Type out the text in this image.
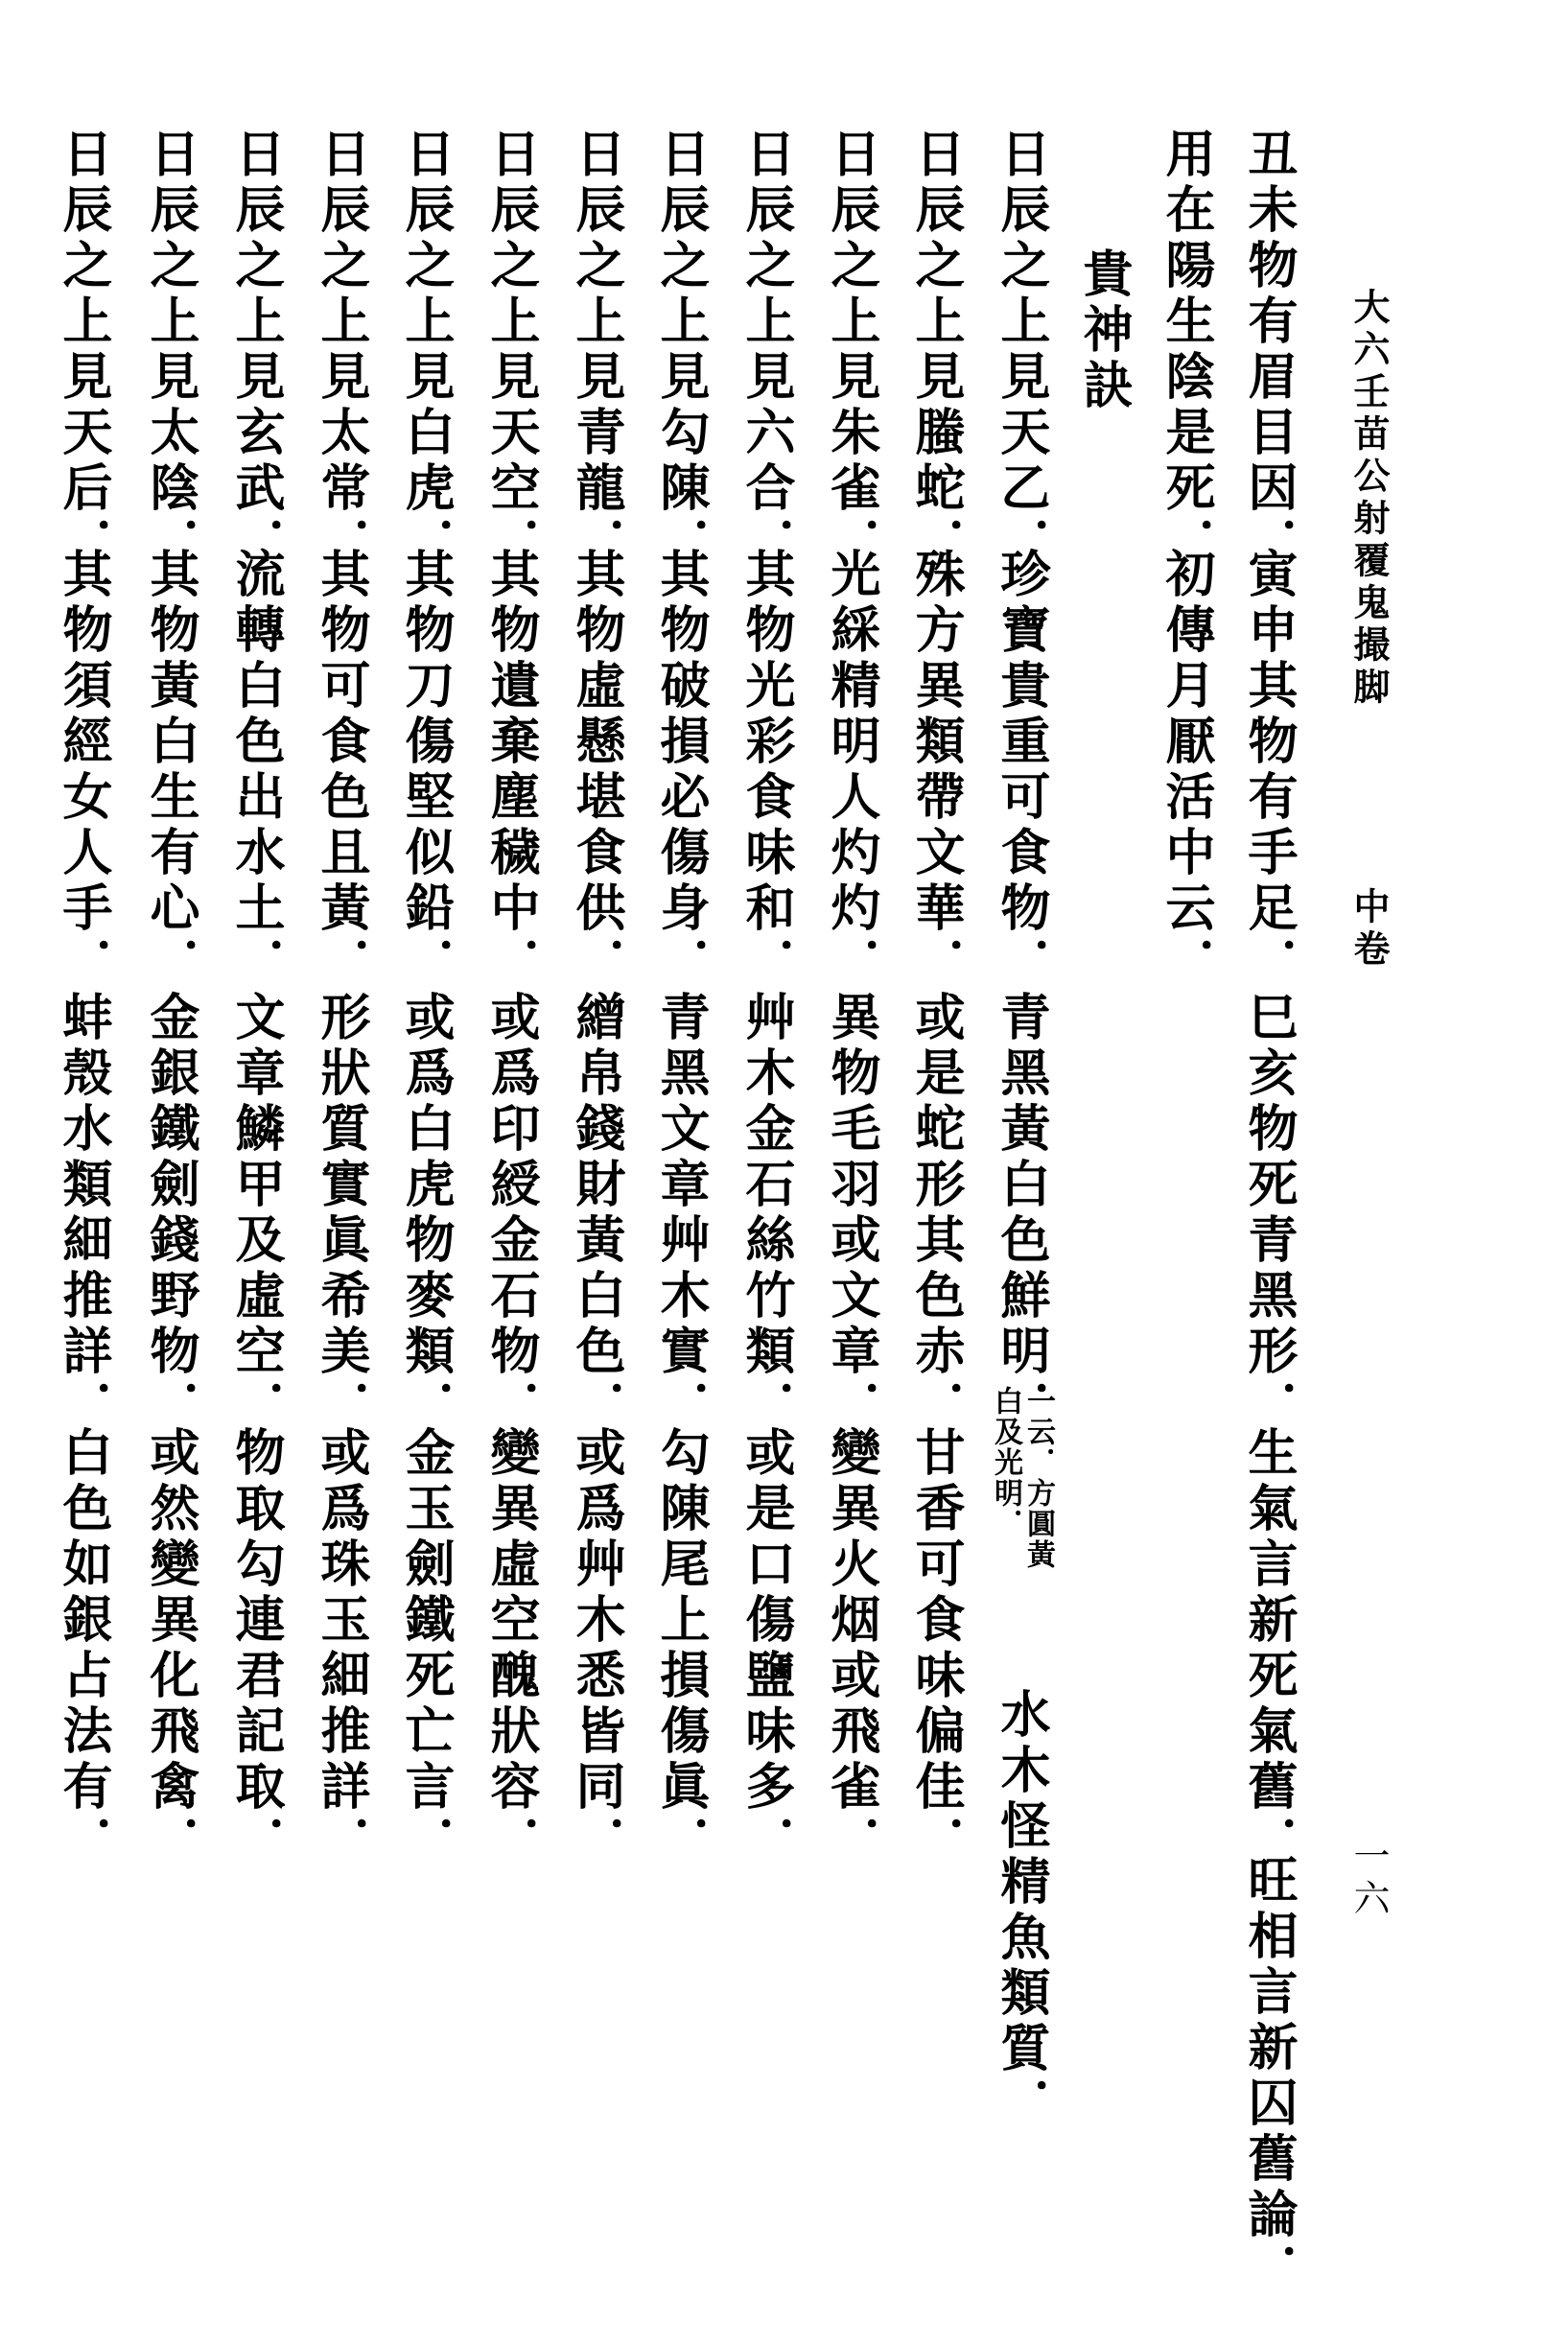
大六壬苗公射覆鬼撮脚
中卷
一六
丑未物有眉目因．
寅申其物有手足．
巳亥物死青黑形．
生氣言新死氣舊．
旺相言新囚舊論．
用在陽生陰是死．
初傳月厭活中云．
貴神訣
日辰之上見天乙．
珍寶貴重可食物．
青黑黃白色鮮明．
水木怪精魚類質．
一云．方圓黃
白及光明．
日辰之上見螣蛇．
殊方異類帶文華．
或是蛇形其色赤．
甘香可食味偏佳．
日辰之上見朱雀．
光綵精明人灼灼．
異物毛羽或文章．
變異火烟或飛雀．
日辰之上見六合．
其物光彩食味和．
艸木金石絲竹類．
或是口傷鹽味多．
日辰之上見勾陳．
其物破損必傷身．
青黑文章艸木實．
勾陳尾上損傷眞．
日辰之上見青龍．
其物虛懸堪食供．
繒帛錢財黃白色．
或爲艸木悉皆同．
日辰之上見天空．
其物遺棄塵穢中．
或爲印綬金石物．
變異虛空醜狀容．
日辰之上見白虎．
其物刀傷堅似鉛．
或爲白虎物麥類．
金玉劍鐵死亡言．
日辰之上見太常．
其物可食色且黃．
形狀質實眞希美．
或爲珠玉細推詳．
日辰之上見玄武．
流轉白色出水土．
文章鱗甲及虛空．
物取勾連君記取．
日辰之上見太陰．
其物黃白生有心．
金銀鐵劍錢野物．
或然變異化飛禽．
日辰之上見天后．
其物須經女人手．
蚌殼水類細推詳．
白色如銀占法有．
